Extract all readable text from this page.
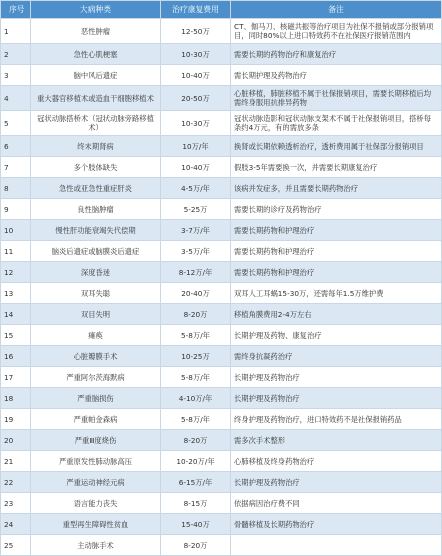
序号	大病种类	治疗康复费用	备注
1	恶性肿瘤	12-50万	CT、伽马刀、核磁共振等治疗项目为社保不报销或部分报销项目，同时80%以上进口特效药不在社保医疗报销范围内
2	急性心肌梗塞	10-30万	需要长期的药物治疗和康复治疗
3	脑中风后遗症	10-40万	需长期护理及药物治疗
4	重大器官移植术或造血干细胞移植术	20-50万	心脏移植，肺脏移植不属于社保报销项目，需要长期移植后均需终身服用抗排异药物
5	冠状动脉搭桥术（冠状动脉旁路移植术）	10-30万	冠状动脉造影和冠状动脉支架术不属于社保报销项目，搭桥每条约4万元，有的需放多条
6	终末期肾病	10万/年	换肾或长期依赖透析治疗，透析费用属于社保部分报销项目
7	多个肢体缺失	10-40万	假肢3-5年需要换一次，并需要长期康复治疗
8	急性或亚急性重症肝炎	4-5万/年	该病并发症多，并且需要长期药物治疗
9	良性脑肿瘤	5-25万	需要长期的诊疗及药物治疗
10	慢性肝功能衰竭失代偿期	3-7万/年	需要长期药物和护理治疗
11	脑炎后遗症或脑膜炎后遗症	3-5万/年	需要长期药物和护理治疗
12	深度昏迷	8-12万/年	需要长期药物和护理治疗
13	双耳失聪	20-40万	双耳人工耳蜗15-30万，还需每年1.5万维护费
14	双目失明	8-20万	移植角膜费用2-4万左右
15	瘫痪	5-8万/年	长期护理及药物、康复治疗
16	心脏瓣膜手术	10-25万	需终身抗凝药治疗
17	严重阿尔茨海默病	5-8万/年	长期护理及药物治疗
18	严重脑损伤	4-10万/年	长期护理及药物治疗
19	严重帕金森病	5-8万/年	终身护理及药物治疗，进口特效药不是社保报销药品
20	严重Ⅲ度烧伤	8-20万	需多次手术整形
21	严重原发性肺动脉高压	10-20万/年	心肺移植及终身药物治疗
22	严重运动神经元病	6-15万/年	长期护理及药物治疗
23	语言能力丧失	8-15万	依据病因治疗费不同
24	重型再生障碍性贫血	15-40万	骨髓移植及长期药物治疗
25	主动脉手术	8-20万	
